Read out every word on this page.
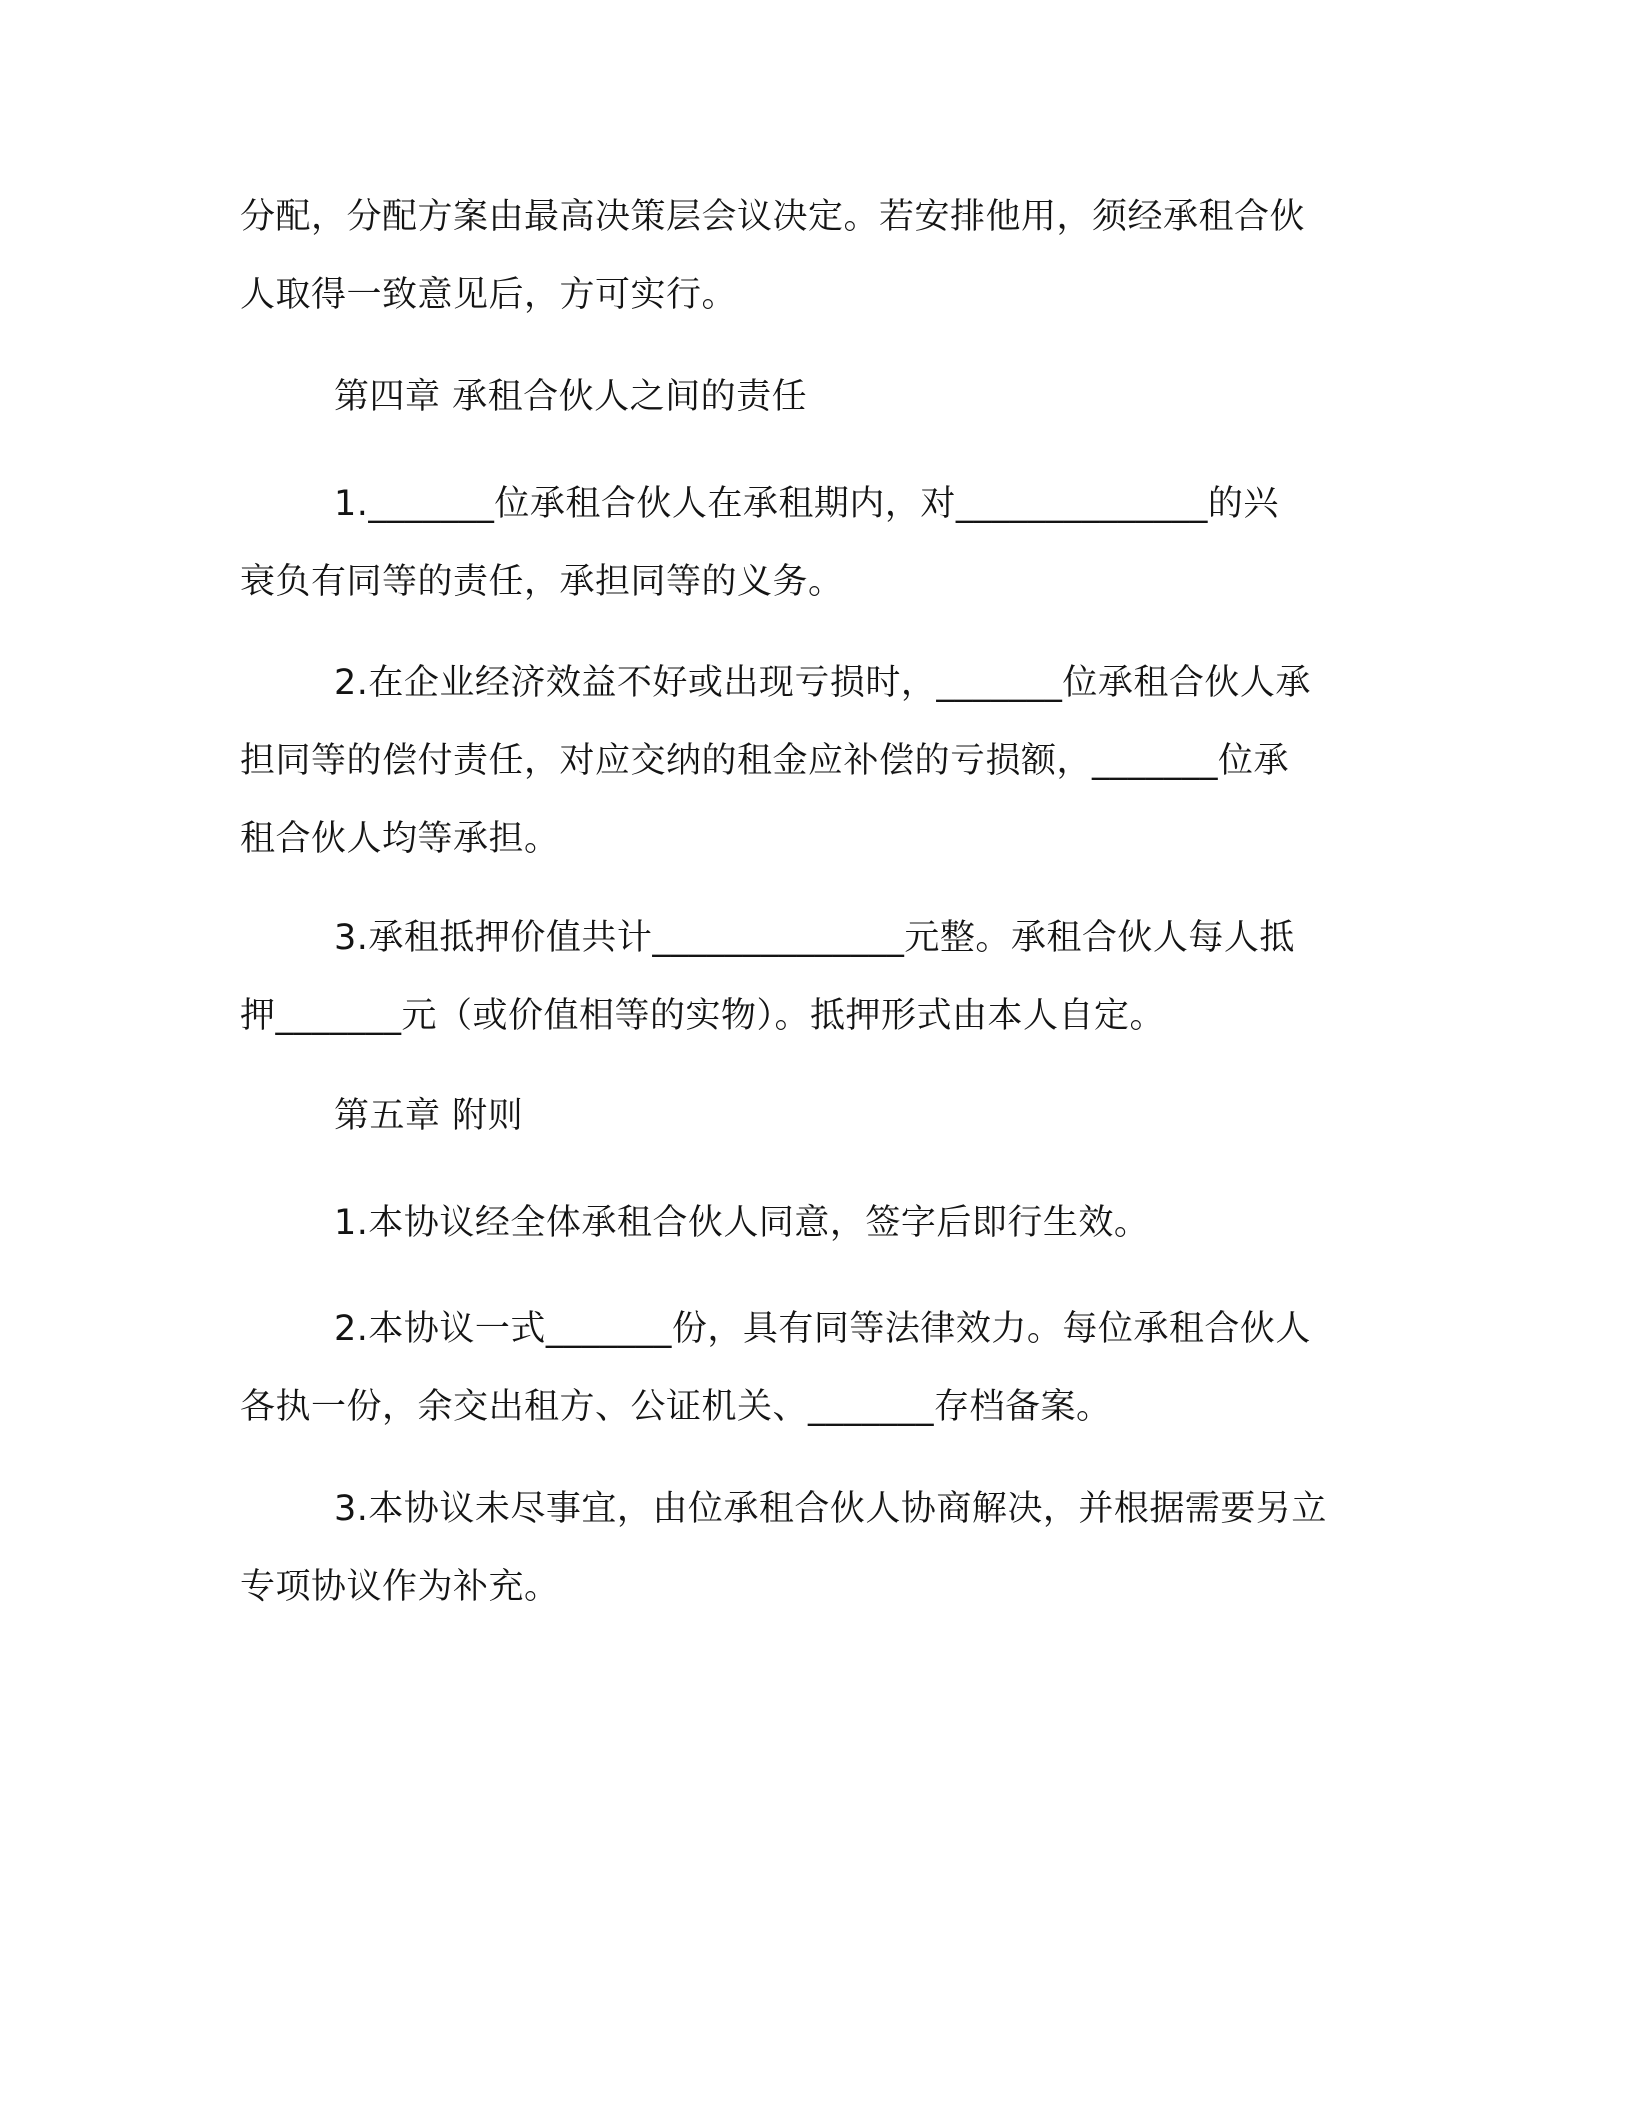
分配，分配方案由最高决策层会议决定。若安排他用，须经承租合伙
人取得一致意见后，方可实行。
第四章 承租合伙人之间的责任
1._______位承租合伙人在承租期内，对______________的兴
衰负有同等的责任，承担同等的义务。
2.在企业经济效益不好或出现亏损时，_______位承租合伙人承
担同等的偿付责任，对应交纳的租金应补偿的亏损额，_______位承
租合伙人均等承担。
3.承租抵押价值共计______________元整。承租合伙人每人抵
押_______元（或价值相等的实物）。抵押形式由本人自定。
第五章 附则
1.本协议经全体承租合伙人同意，签字后即行生效。
2.本协议一式_______份，具有同等法律效力。每位承租合伙人
各执一份，余交出租方、公证机关、_______存档备案。
3.本协议未尽事宜，由位承租合伙人协商解决，并根据需要另立
专项协议作为补充。
